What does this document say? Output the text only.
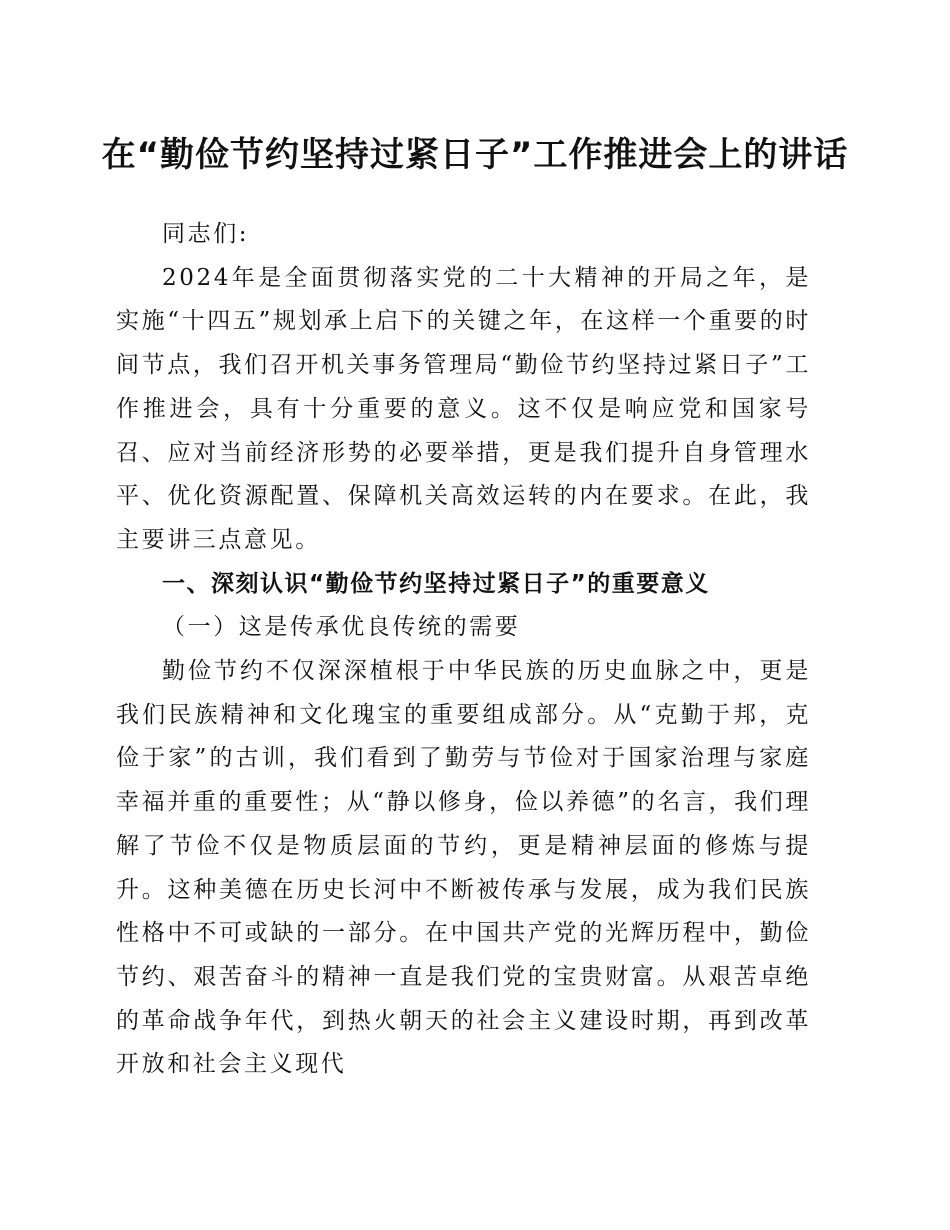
在“勤俭节约坚持过紧日子”工作推进会上的讲话

同志们:

2024年是全面贯彻落实党的二十大精神的开局之年，是实施“十四五”规划承上启下的关键之年，在这样一个重要的时间节点，我们召开机关事务管理局“勤俭节约坚持过紧日子”工作推进会，具有十分重要的意义。这不仅是响应党和国家号召、应对当前经济形势的必要举措，更是我们提升自身管理水平、优化资源配置、保障机关高效运转的内在要求。在此，我主要讲三点意见。

一、深刻认识“勤俭节约坚持过紧日子”的重要意义

（一）这是传承优良传统的需要

勤俭节约不仅深深植根于中华民族的历史血脉之中，更是我们民族精神和文化瑰宝的重要组成部分。从“克勤于邦，克俭于家”的古训，我们看到了勤劳与节俭对于国家治理与家庭幸福并重的重要性；从“静以修身，俭以养德”的名言，我们理解了节俭不仅是物质层面的节约，更是精神层面的修炼与提升。这种美德在历史长河中不断被传承与发展，成为我们民族性格中不可或缺的一部分。在中国共产党的光辉历程中，勤俭节约、艰苦奋斗的精神一直是我们党的宝贵财富。从艰苦卓绝的革命战争年代，到热火朝天的社会主义建设时期，再到改革开放和社会主义现代
